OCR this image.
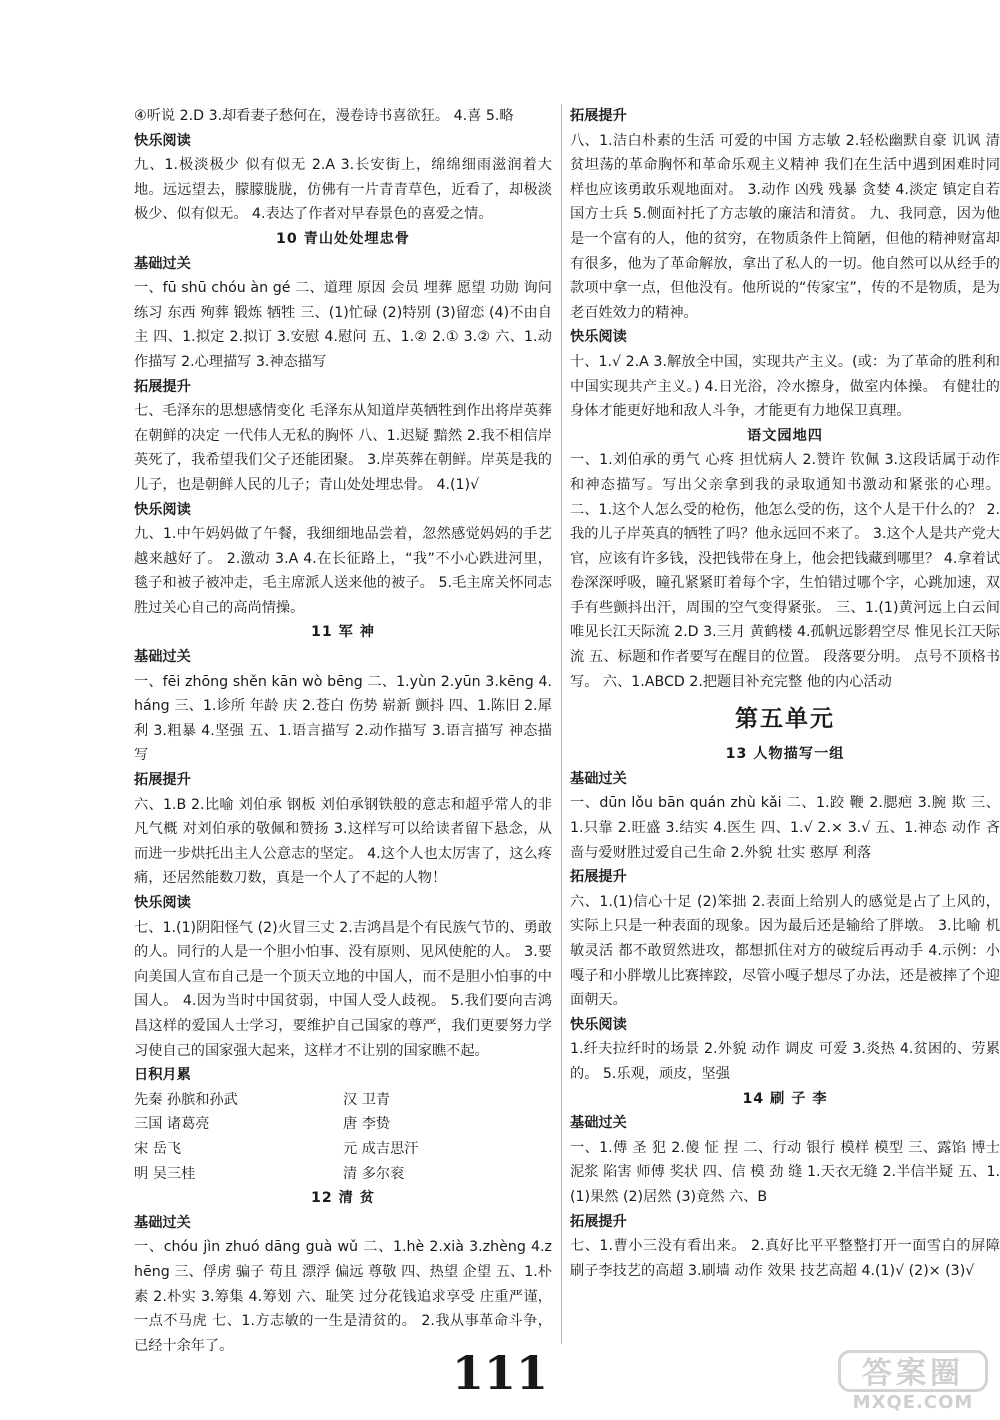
④听说 2.D 3.却看妻子愁何在，漫卷诗书喜欲狂。 4.喜 5.略

快乐阅读

九、1.极淡极少 似有似无 2.A 3.长安街上，绵绵细雨滋润着大地。远远望去，朦朦胧胧，仿佛有一片青青草色，近看了，却极淡极少、似有似无。 4.表达了作者对早春景色的喜爱之情。

10 青山处处埋忠骨

基础过关

一、fū shū chóu àn gé 二、道理 原因 会员 埋葬 愿望 功勋 询问 练习 东西 殉葬 锻炼 牺牲 三、(1)忙碌 (2)特别 (3)留恋 (4)不由自主 四、1.拟定 2.拟订 3.安慰 4.慰问 五、1.② 2.① 3.② 六、1.动作描写 2.心理描写 3.神态描写

拓展提升

七、毛泽东的思想感情变化 毛泽东从知道岸英牺牲到作出将岸英葬在朝鲜的决定 一代伟人无私的胸怀 八、1.迟疑 黯然 2.我不相信岸英死了，我希望我们父子还能团聚。 3.岸英葬在朝鲜。岸英是我的儿子，也是朝鲜人民的儿子；青山处处埋忠骨。 4.(1)√

快乐阅读

九、1.中午妈妈做了午餐，我细细地品尝着，忽然感觉妈妈的手艺越来越好了。 2.激动 3.A 4.在长征路上，“我”不小心跌进河里，毯子和被子被冲走，毛主席派人送来他的被子。 5.毛主席关怀同志胜过关心自己的高尚情操。

11 军 神

基础过关

一、fēi zhōng shěn kān wò bēng 二、1.yùn 2.yūn 3.kēng 4.háng 三、1.诊所 年龄 庆 2.苍白 伤势 崭新 颤抖 四、1.陈旧 2.犀利 3.粗暴 4.坚强 五、1.语言描写 2.动作描写 3.语言描写 神态描写

拓展提升

六、1.B 2.比喻 刘伯承 钢板 刘伯承钢铁般的意志和超乎常人的非凡气概 对刘伯承的敬佩和赞扬 3.这样写可以给读者留下悬念，从而进一步烘托出主人公意志的坚定。 4.这个人也太厉害了，这么疼痛，还居然能数刀数，真是一个人了不起的人物！

快乐阅读

七、1.(1)阴阳怪气 (2)火冒三丈 2.吉鸿昌是个有民族气节的、勇敢的人。同行的人是一个胆小怕事、没有原则、见风使舵的人。 3.要向美国人宣布自己是一个顶天立地的中国人，而不是胆小怕事的中国人。 4.因为当时中国贫弱，中国人受人歧视。 5.我们要向吉鸿昌这样的爱国人士学习，要维护自己国家的尊严，我们更要努力学习使自己的国家强大起来，这样才不让别的国家瞧不起。

日积月累

先秦 孙膑和孙武	汉 卫青
三国 诸葛亮	唐 李贽
宋 岳飞	元 成吉思汗
明 吴三桂	清 多尔衮

12 清 贫

基础过关

一、chóu jìn zhuó dāng guà wǔ 二、1.hè 2.xià 3.zhèng 4.zhēng 三、俘虏 骗子 苟且 漂浮 偏远 尊敬 四、热望 企望 五、1.朴素 2.朴实 3.筹集 4.筹划 六、耻笑 过分花钱追求享受 庄重严谨，一点不马虎 七、1.方志敏的一生是清贫的。 2.我从事革命斗争，已经十余年了。

拓展提升

八、1.洁白朴素的生活 可爱的中国 方志敏 2.轻松幽默自豪 讥讽 清贫坦荡的革命胸怀和革命乐观主义精神 我们在生活中遇到困难时同样也应该勇敢乐观地面对。 3.动作 凶残 残暴 贪婪 4.淡定 镇定自若 国方士兵 5.侧面衬托了方志敏的廉洁和清贫。 九、我同意，因为他是一个富有的人，他的贫穷，在物质条件上简陋，但他的精神财富却有很多，他为了革命解放，拿出了私人的一切。他自然可以从经手的款项中拿一点，但他没有。他所说的“传家宝”，传的不是物质，是为老百姓效力的精神。

快乐阅读

十、1.√ 2.A 3.解放全中国，实现共产主义。(或：为了革命的胜利和中国实现共产主义。) 4.日光浴，冷水擦身，做室内体操。 有健壮的身体才能更好地和敌人斗争，才能更有力地保卫真理。

语文园地四

一、1.刘伯承的勇气 心疼 担忧病人 2.赞许 钦佩 3.这段话属于动作和神态描写。写出父亲拿到我的录取通知书激动和紧张的心理。 二、1.这个人怎么受的枪伤，他怎么受的伤，这个人是干什么的？ 2.我的儿子岸英真的牺牲了吗？他永远回不来了。 3.这个人是共产党大官，应该有许多钱，没把钱带在身上，他会把钱藏到哪里？ 4.拿着试卷深深呼吸，瞳孔紧紧盯着每个字，生怕错过哪个字，心跳加速，双手有些颤抖出汗，周围的空气变得紧张。 三、1.(1)黄河远上白云间 唯见长江天际流 2.D 3.三月 黄鹤楼 4.孤帆远影碧空尽 惟见长江天际流 五、标题和作者要写在醒目的位置。 段落要分明。 点号不顶格书写。 六、1.ABCD 2.把题目补充完整 他的内心活动

第五单元

13 人物描写一组

基础过关

一、dūn lǒu bān quán zhù kǎi 二、1.跤 鞭 2.腮疤 3.腕 欺 三、1.只靠 2.旺盛 3.结实 4.医生 四、1.√ 2.× 3.√ 五、1.神态 动作 吝啬与爱财胜过爱自己生命 2.外貌 壮实 憨厚 利落

拓展提升

六、1.(1)信心十足 (2)笨拙 2.表面上给别人的感觉是占了上风的，实际上只是一种表面的现象。因为最后还是输给了胖墩。 3.比喻 机敏灵活 都不敢贸然进攻，都想抓住对方的破绽后再动手 4.示例：小嘎子和小胖墩儿比赛摔跤，尽管小嘎子想尽了办法，还是被摔了个迎面朝天。

快乐阅读

1.纤夫拉纤时的场景 2.外貌 动作 调皮 可爱 3.炎热 4.贫困的、劳累的。 5.乐观，顽皮，坚强

14 刷 子 李

基础过关

一、1.傅 圣 犯 2.傻 怔 捏 二、行动 银行 模样 模型 三、露馅 博士 泥浆 陷害 师傅 奖状 四、信 模 劲 缝 1.天衣无缝 2.半信半疑 五、1.(1)果然 (2)居然 (3)竟然 六、B

拓展提升

七、1.曹小三没有看出来。 2.真好比平平整整打开一面雪白的屏障 刷子李技艺的高超 3.刷墙 动作 效果 技艺高超 4.(1)√ (2)× (3)√

111	答案圈
MXQE.COM
